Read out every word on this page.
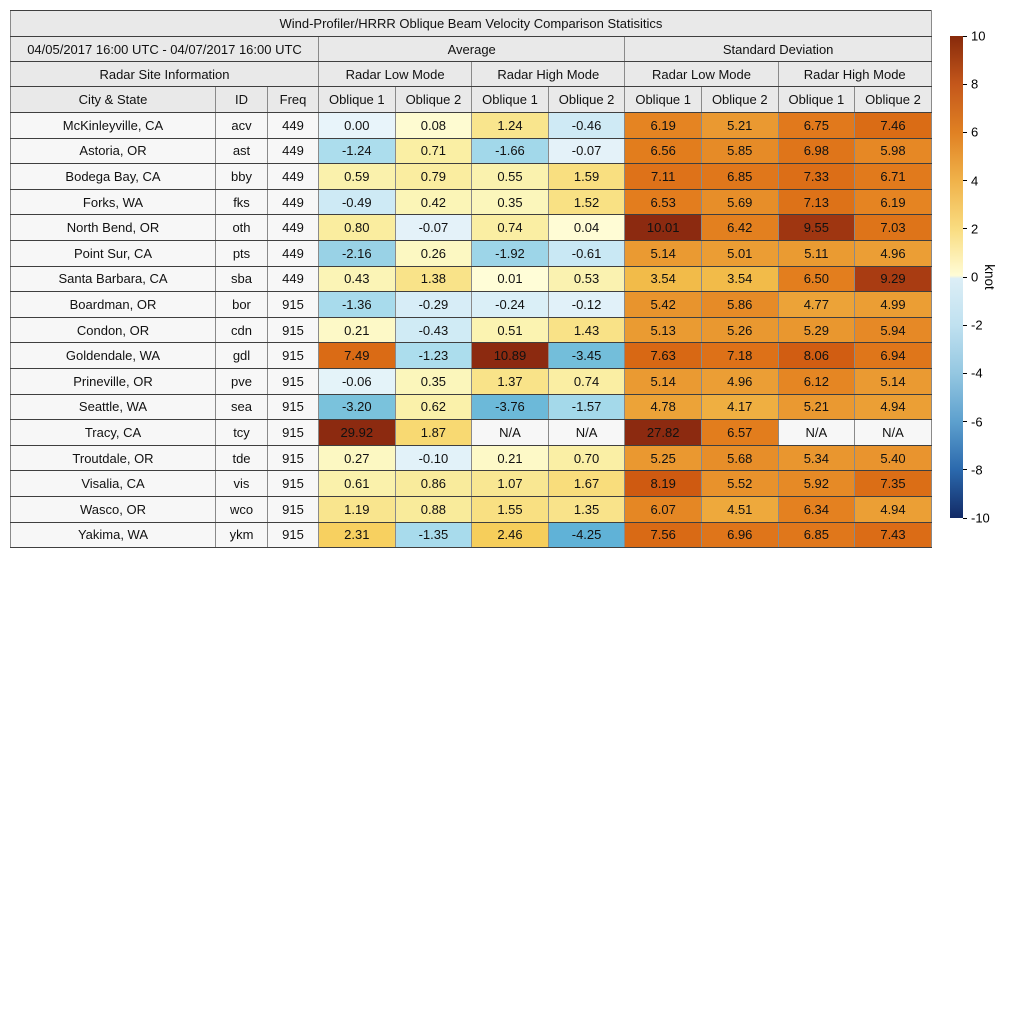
Wind-Profiler/HRRR Oblique Beam Velocity Comparison Statisitics										
04/05/2017 16:00 UTC - 04/07/2017 16:00 UTC			Average				Standard Deviation			
Radar Site Information			Radar Low Mode		Radar High Mode		Radar Low Mode		Radar High Mode	
City & State	ID	Freq	Oblique 1	Oblique 2	Oblique 1	Oblique 2	Oblique 1	Oblique 2	Oblique 1	Oblique 2
McKinleyville, CA	acv	449	0.00	0.08	1.24	-0.46	6.19	5.21	6.75	7.46
Astoria, OR	ast	449	-1.24	0.71	-1.66	-0.07	6.56	5.85	6.98	5.98
Bodega Bay, CA	bby	449	0.59	0.79	0.55	1.59	7.11	6.85	7.33	6.71
Forks, WA	fks	449	-0.49	0.42	0.35	1.52	6.53	5.69	7.13	6.19
North Bend, OR	oth	449	0.80	-0.07	0.74	0.04	10.01	6.42	9.55	7.03
Point Sur, CA	pts	449	-2.16	0.26	-1.92	-0.61	5.14	5.01	5.11	4.96
Santa Barbara, CA	sba	449	0.43	1.38	0.01	0.53	3.54	3.54	6.50	9.29
Boardman, OR	bor	915	-1.36	-0.29	-0.24	-0.12	5.42	5.86	4.77	4.99
Condon, OR	cdn	915	0.21	-0.43	0.51	1.43	5.13	5.26	5.29	5.94
Goldendale, WA	gdl	915	7.49	-1.23	10.89	-3.45	7.63	7.18	8.06	6.94
Prineville, OR	pve	915	-0.06	0.35	1.37	0.74	5.14	4.96	6.12	5.14
Seattle, WA	sea	915	-3.20	0.62	-3.76	-1.57	4.78	4.17	5.21	4.94
Tracy, CA	tcy	915	29.92	1.87	N/A	N/A	27.82	6.57	N/A	N/A
Troutdale, OR	tde	915	0.27	-0.10	0.21	0.70	5.25	5.68	5.34	5.40
Visalia, CA	vis	915	0.61	0.86	1.07	1.67	8.19	5.52	5.92	7.35
Wasco, OR	wco	915	1.19	0.88	1.55	1.35	6.07	4.51	6.34	4.94
Yakima, WA	ykm	915	2.31	-1.35	2.46	-4.25	7.56	6.96	6.85	7.43
10
8
6
4
2
0
-2
-4
-6
-8
-10
knot
